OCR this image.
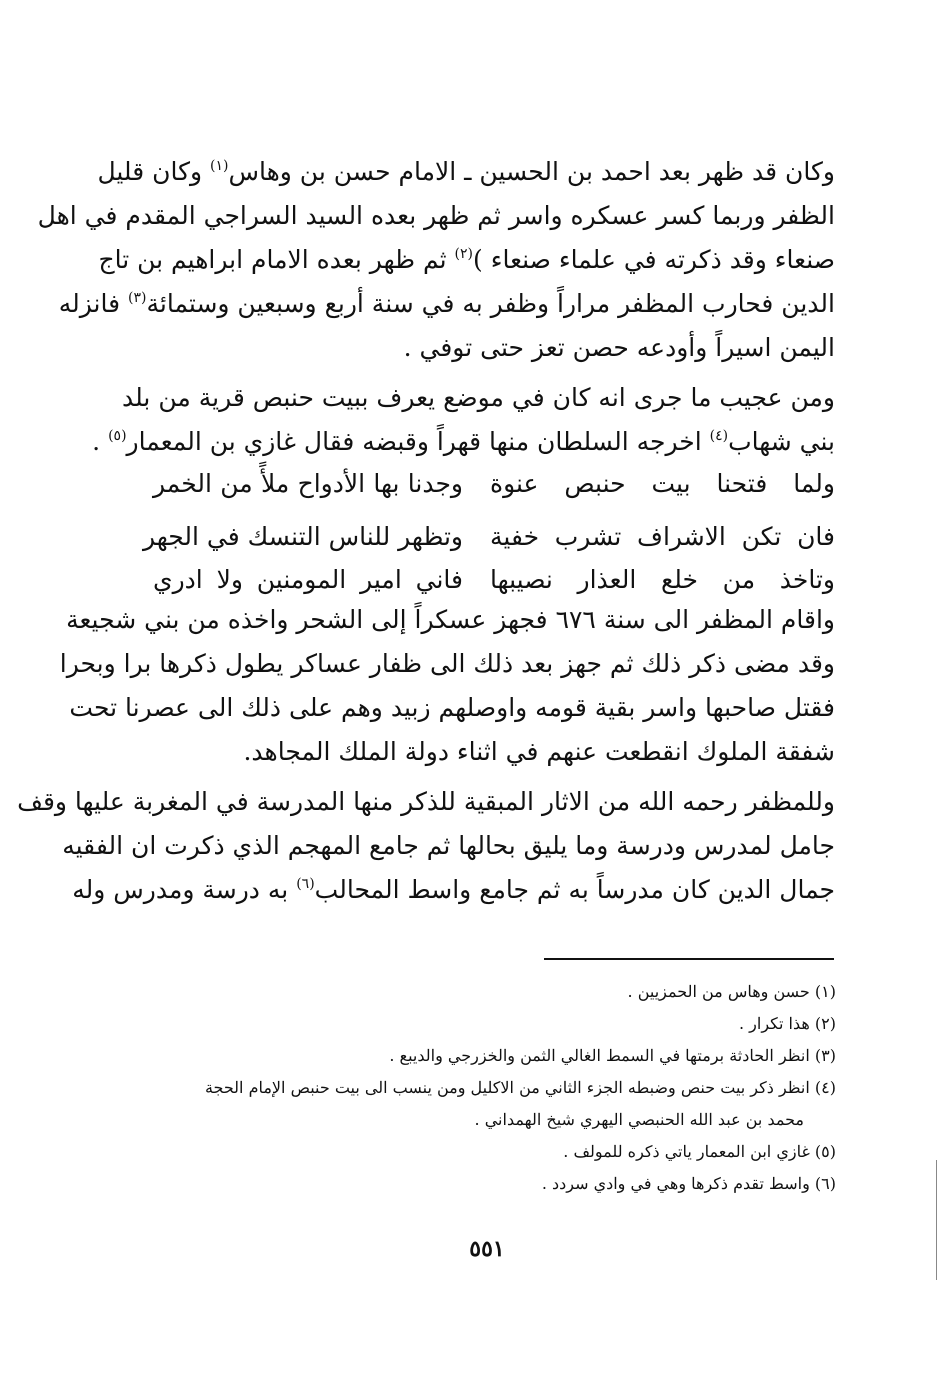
وكان قد ظهر بعد احمد بن الحسين ـ الامام حسن بن وهاس$^{(١)}$ وكان قليل
الظفر وربما كسر عسكره واسر ثم ظهر بعده السيد السراجي المقدم في اهل
صنعاء وقد ذكرته في علماء صنعاء )$^{(٢)}$ ثم ظهر بعده الامام ابراهيم بن تاج
الدين فحارب المظفر مراراً وظفر به في سنة أربع وسبعين وستمائة$^{(٣)}$ فانزله
اليمن اسيراً وأودعه حصن تعز حتى توفي .
ومن عجيب ما جرى انه كان في موضع يعرف ببيت حنبص قرية من بلد
بني شهاب$^{(٤)}$ اخرجه السلطان منها قهراً وقبضه فقال غازي بن المعمار$^{(٥)}$ .
ولما فتحنا بيت حنبص عنوة
وجدنا بها الأدواح ملأً من الخمر
فان تكن الاشراف تشرب خفية
وتظهر للناس التنسك في الجهر
وتاخذ من خلع العذار نصيبها
فاني امير المومنين ولا ادري
واقام المظفر الى سنة ٦٧٦ فجهز عسكراً إلى الشحر واخذه من بني شجيعة
وقد مضى ذكر ذلك ثم جهز بعد ذلك الى ظفار عساكر يطول ذكرها برا وبحرا
فقتل صاحبها واسر بقية قومه واوصلهم زبيد وهم على ذلك الى عصرنا تحت
شفقة الملوك انقطعت عنهم في اثناء دولة الملك المجاهد.
وللمظفر رحمه الله من الاثار المبقية للذكر منها المدرسة في المغربة عليها وقف
جامل لمدرس ودرسة وما يليق بحالها ثم جامع المهجم الذي ذكرت ان الفقيه
جمال الدين كان مدرساً به ثم جامع واسط المحالب$^{(٦)}$ به درسة ومدرس وله
(١) حسن وهاس من الحمزيين .
(٢) هذا تكرار .
(٣) انظر الحادثة برمتها في السمط الغالي الثمن والخزرجي والديبع .
(٤) انظر ذكر بيت حنص وضبطه الجزء الثاني من الاكليل ومن ينسب الى بيت حنبص الإمام الحجة
محمد بن عبد الله الحنبصي اليهري شيخ الهمداني .
(٥) غازي ابن المعمار ياتي ذكره للمولف .
(٦) واسط تقدم ذكرها وهي في وادي سردد .
٥٥١
